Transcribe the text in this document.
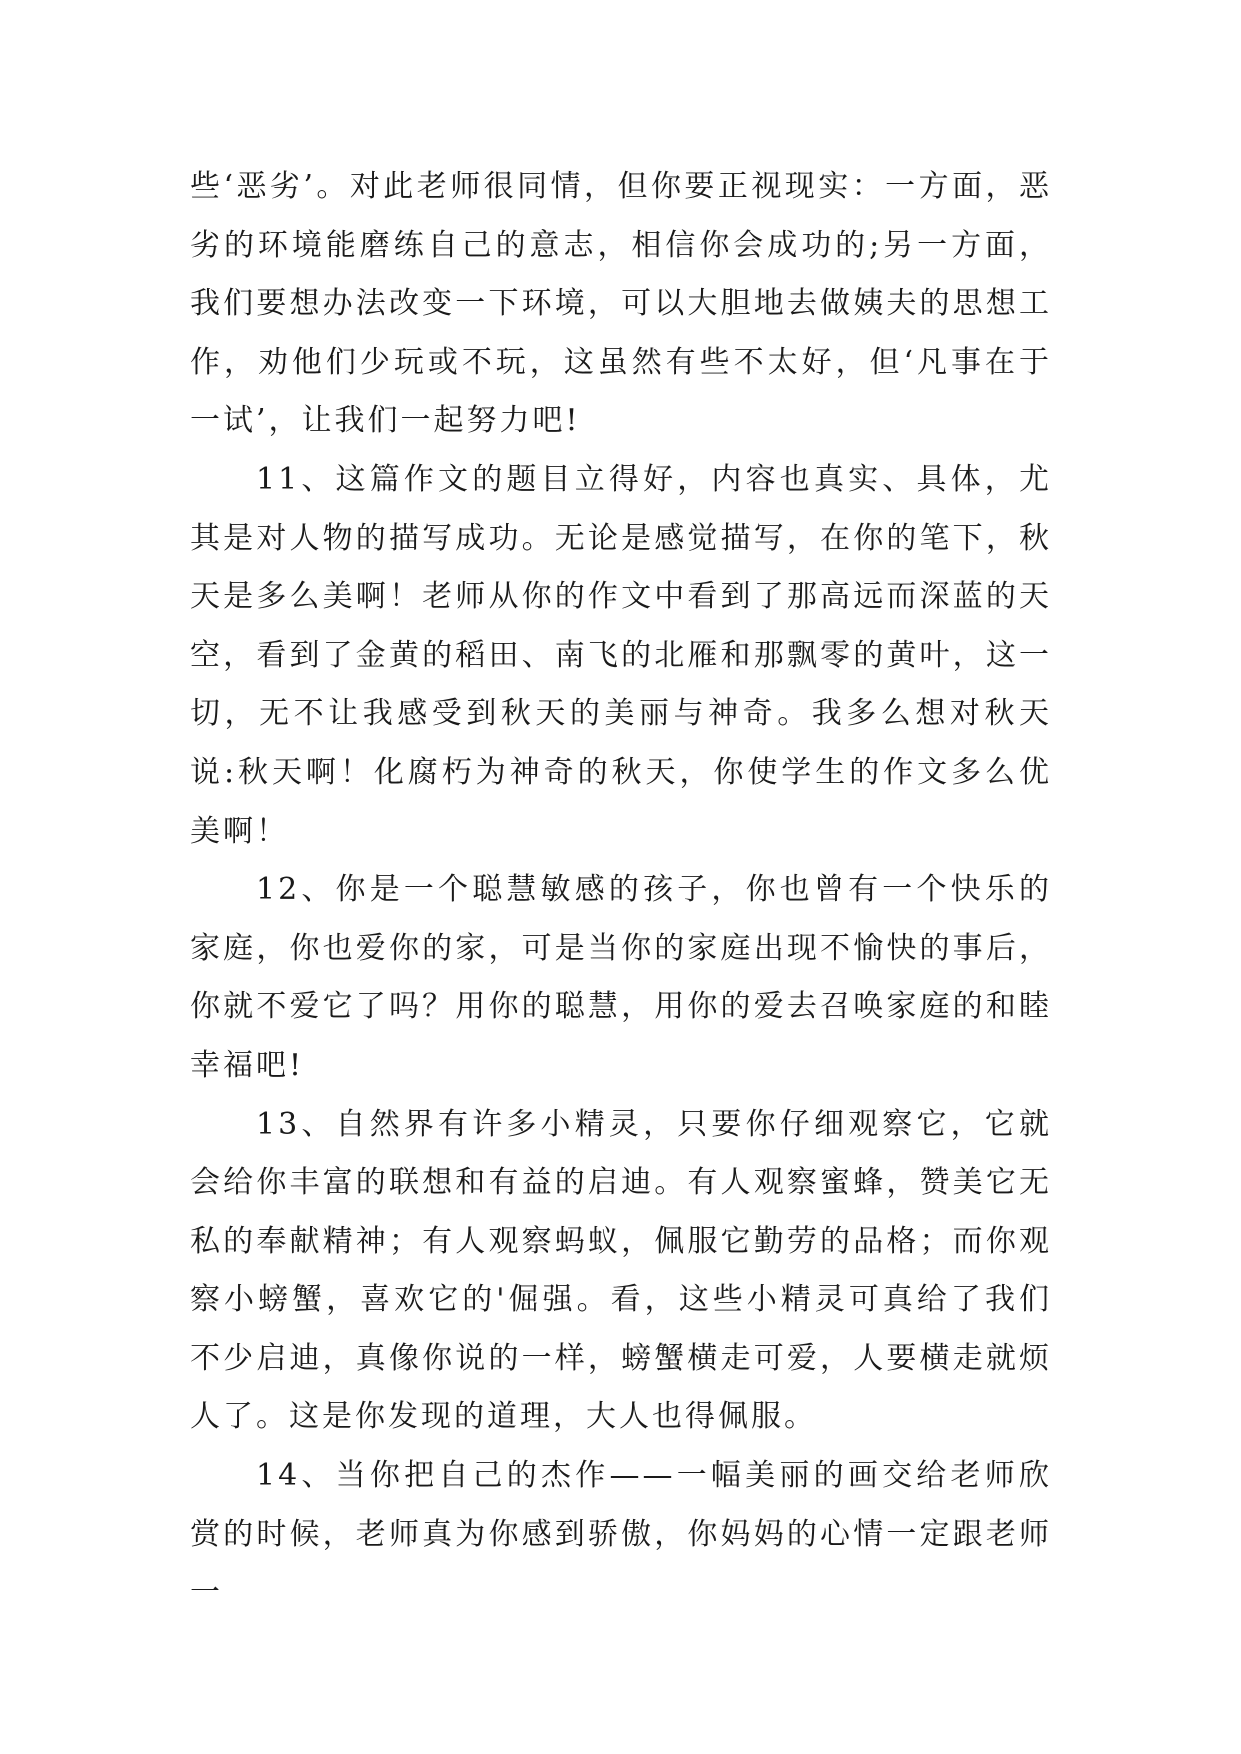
些‘恶劣’。对此老师很同情，但你要正视现实：一方面，恶劣的环境能磨练自己的意志，相信你会成功的;另一方面，我们要想办法改变一下环境，可以大胆地去做姨夫的思想工作，劝他们少玩或不玩，这虽然有些不太好，但‘凡事在于一试’，让我们一起努力吧!

11、这篇作文的题目立得好，内容也真实、具体，尤其是对人物的描写成功。无论是感觉描写，在你的笔下，秋天是多么美啊！老师从你的作文中看到了那高远而深蓝的天空，看到了金黄的稻田、南飞的北雁和那飘零的黄叶，这一切，无不让我感受到秋天的美丽与神奇。我多么想对秋天说:秋天啊！化腐朽为神奇的秋天，你使学生的作文多么优美啊！

12、你是一个聪慧敏感的孩子，你也曾有一个快乐的家庭，你也爱你的家，可是当你的家庭出现不愉快的事后，你就不爱它了吗？用你的聪慧，用你的爱去召唤家庭的和睦幸福吧!

13、自然界有许多小精灵，只要你仔细观察它，它就会给你丰富的联想和有益的启迪。有人观察蜜蜂，赞美它无私的奉献精神；有人观察蚂蚁，佩服它勤劳的品格；而你观察小螃蟹，喜欢它的'倔强。看，这些小精灵可真给了我们不少启迪，真像你说的一样，螃蟹横走可爱，人要横走就烦人了。这是你发现的道理，大人也得佩服。

14、当你把自己的杰作——一幅美丽的画交给老师欣赏的时候，老师真为你感到骄傲，你妈妈的心情一定跟老师一
